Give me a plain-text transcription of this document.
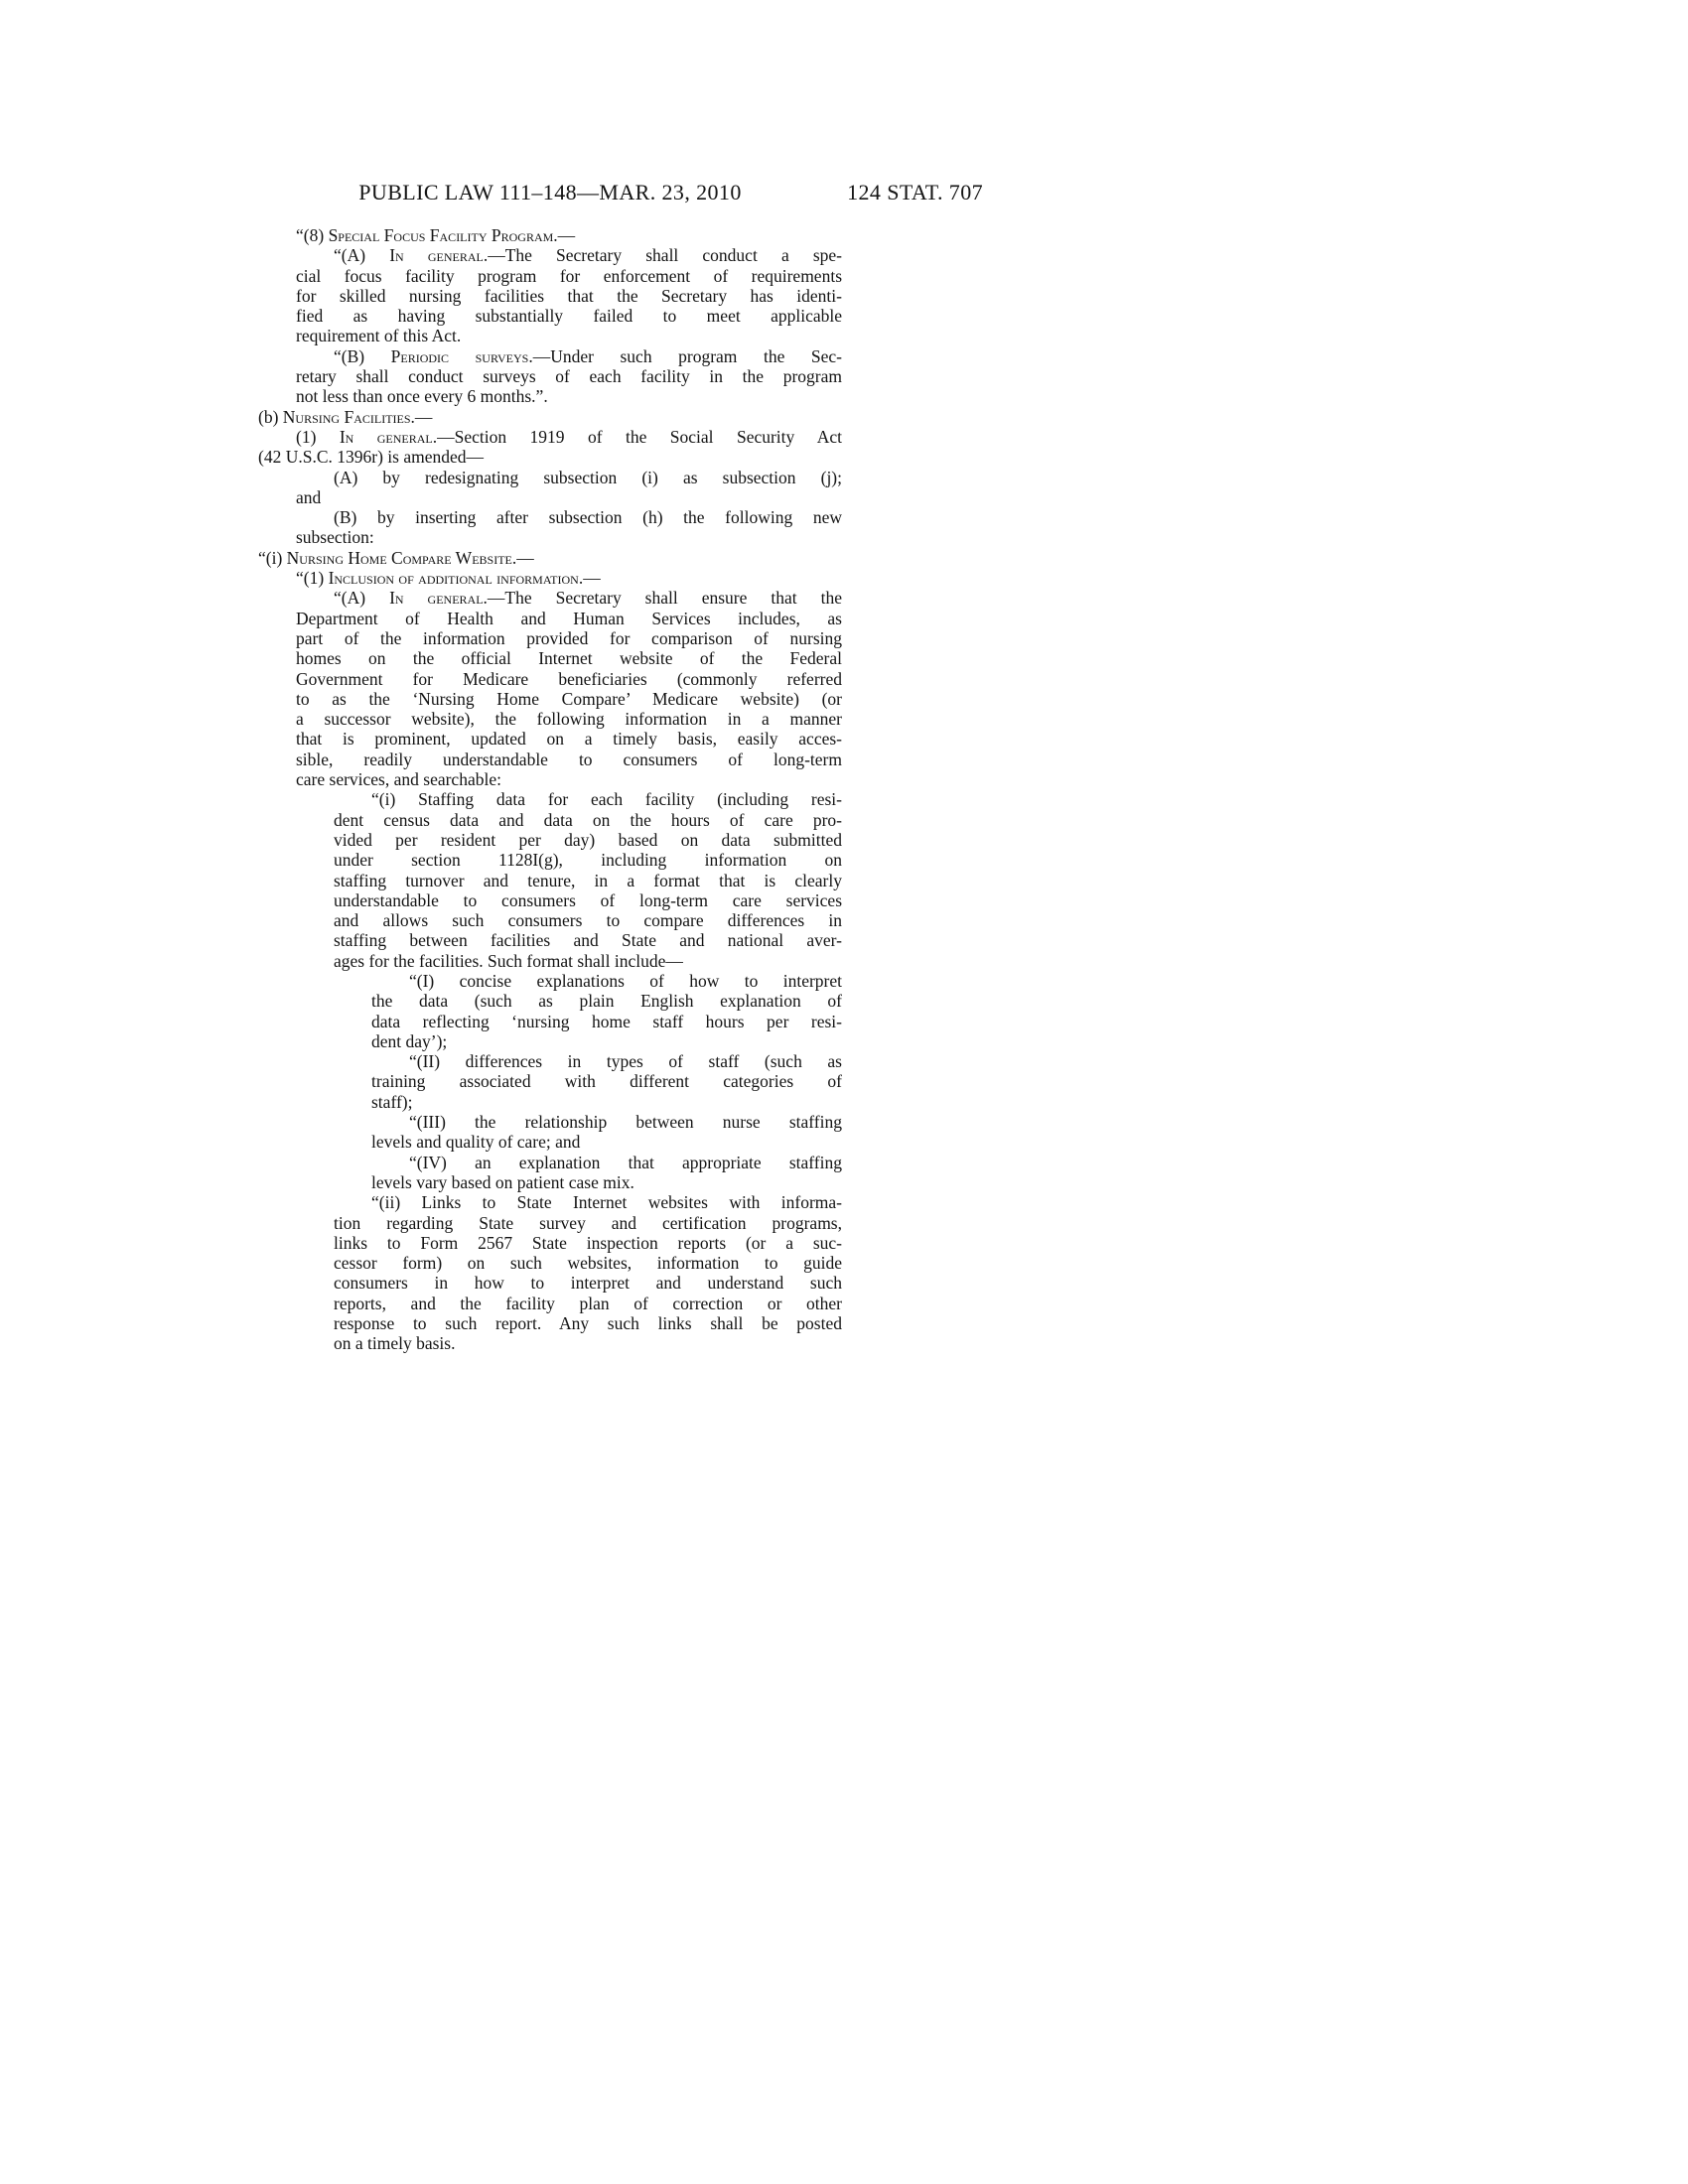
PUBLIC LAW 111–148—MAR. 23, 2010	124 STAT. 707
“(8) Special Focus Facility Program.—
“(A) In general.—The Secretary shall conduct a spe-
cial focus facility program for enforcement of requirements
for skilled nursing facilities that the Secretary has identi-
fied as having substantially failed to meet applicable
requirement of this Act.
“(B) Periodic surveys.—Under such program the Sec-
retary shall conduct surveys of each facility in the program
not less than once every 6 months.”.
(b) Nursing Facilities.—
(1) In general.—Section 1919 of the Social Security Act
(42 U.S.C. 1396r) is amended—
(A) by redesignating subsection (i) as subsection (j);
and
(B) by inserting after subsection (h) the following new
subsection:
“(i) Nursing Home Compare Website.—
“(1) Inclusion of additional information.—
“(A) In general.—The Secretary shall ensure that the
Department of Health and Human Services includes, as
part of the information provided for comparison of nursing
homes on the official Internet website of the Federal
Government for Medicare beneficiaries (commonly referred
to as the ‘Nursing Home Compare’ Medicare website) (or
a successor website), the following information in a manner
that is prominent, updated on a timely basis, easily acces-
sible, readily understandable to consumers of long-term
care services, and searchable:
“(i) Staffing data for each facility (including resi-
dent census data and data on the hours of care pro-
vided per resident per day) based on data submitted
under section 1128I(g), including information on
staffing turnover and tenure, in a format that is clearly
understandable to consumers of long-term care services
and allows such consumers to compare differences in
staffing between facilities and State and national aver-
ages for the facilities. Such format shall include—
“(I) concise explanations of how to interpret
the data (such as plain English explanation of
data reflecting ‘nursing home staff hours per resi-
dent day’);
“(II) differences in types of staff (such as
training associated with different categories of
staff);
“(III) the relationship between nurse staffing
levels and quality of care; and
“(IV) an explanation that appropriate staffing
levels vary based on patient case mix.
“(ii) Links to State Internet websites with informa-
tion regarding State survey and certification programs,
links to Form 2567 State inspection reports (or a suc-
cessor form) on such websites, information to guide
consumers in how to interpret and understand such
reports, and the facility plan of correction or other
response to such report. Any such links shall be posted
on a timely basis.
